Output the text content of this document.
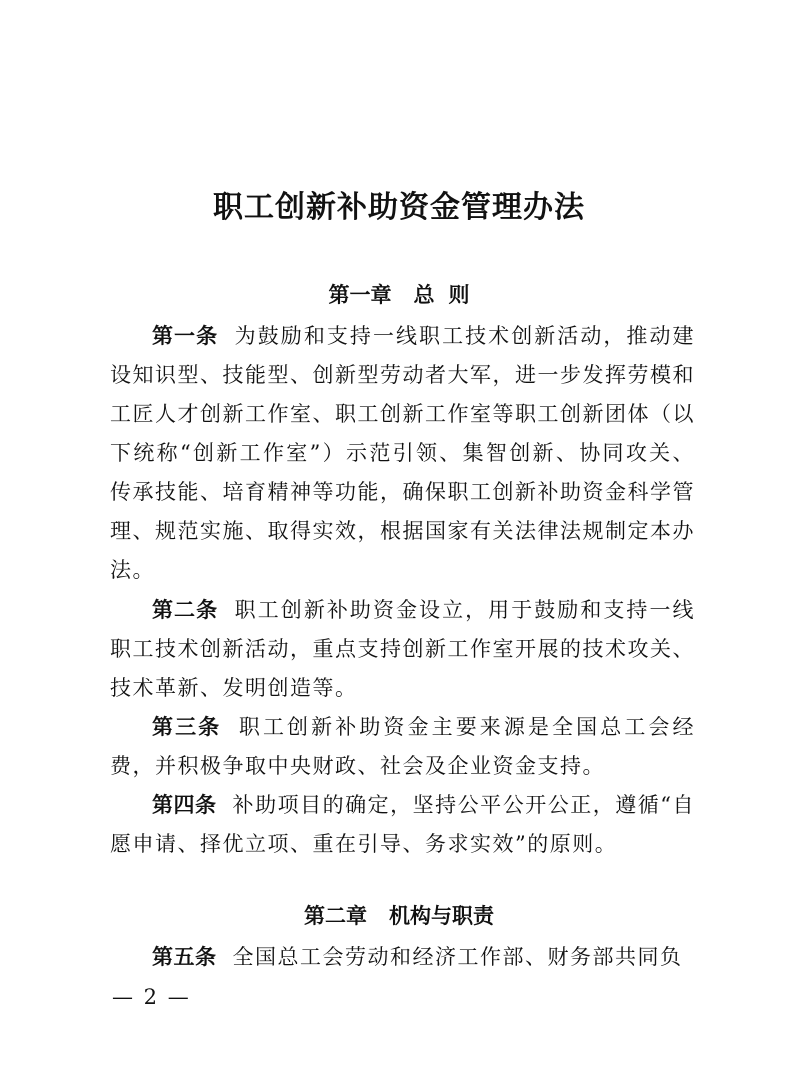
职工创新补助资金管理办法
第一章 总 则

第一条 为鼓励和支持一线职工技术创新活动，推动建设知识型、技能型、创新型劳动者大军，进一步发挥劳模和工匠人才创新工作室、职工创新工作室等职工创新团体（以下统称“创新工作室”）示范引领、集智创新、协同攻关、传承技能、培育精神等功能，确保职工创新补助资金科学管理、规范实施、取得实效，根据国家有关法律法规制定本办法。

第二条 职工创新补助资金设立，用于鼓励和支持一线职工技术创新活动，重点支持创新工作室开展的技术攻关、技术革新、发明创造等。

第三条 职工创新补助资金主要来源是全国总工会经费，并积极争取中央财政、社会及企业资金支持。

第四条 补助项目的确定，坚持公平公开公正，遵循“自愿申请、择优立项、重在引导、务求实效”的原则。

第二章 机构与职责

第五条 全国总工会劳动和经济工作部、财务部共同负

— 2 —
